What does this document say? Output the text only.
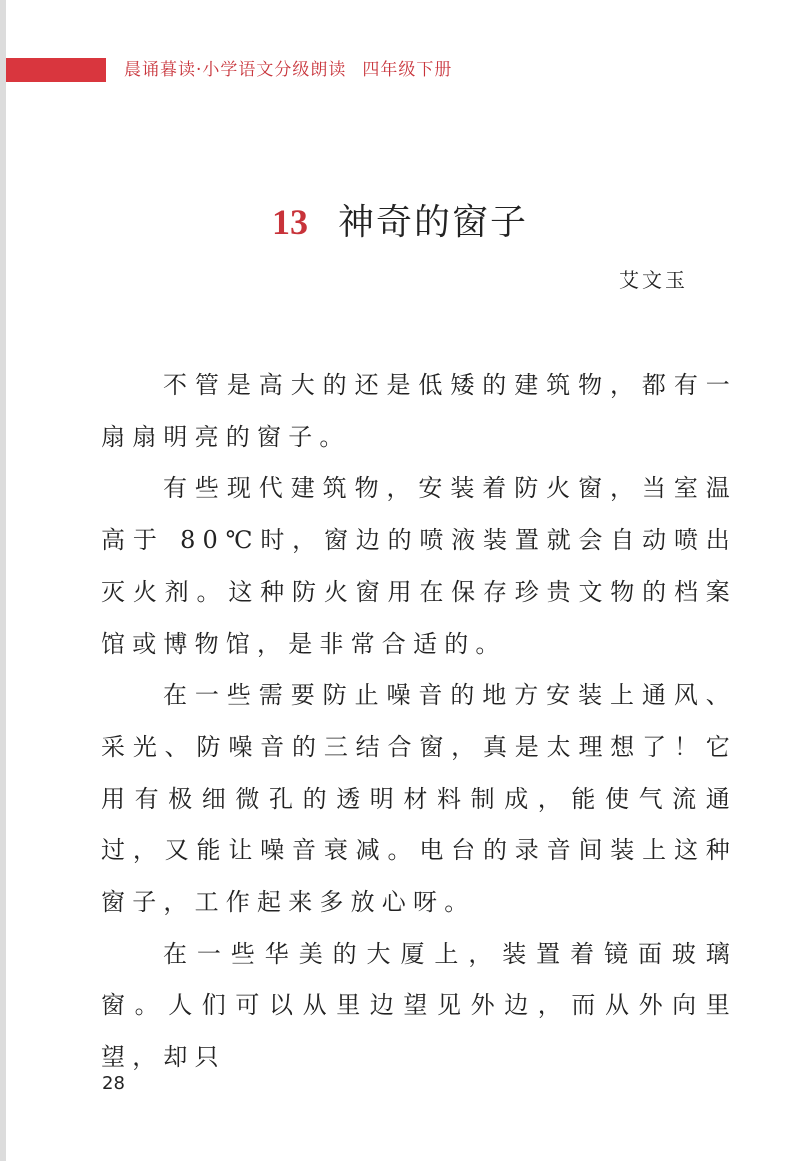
晨诵暮读·小学语文分级朗读 四年级下册
13 神奇的窗子
艾文玉

不管是高大的还是低矮的建筑物，都有一扇扇明亮的窗子。

有些现代建筑物，安装着防火窗，当室温高于 80℃时，窗边的喷液装置就会自动喷出灭火剂。这种防火窗用在保存珍贵文物的档案馆或博物馆，是非常合适的。

在一些需要防止噪音的地方安装上通风、采光、防噪音的三结合窗，真是太理想了！它用有极细微孔的透明材料制成，能使气流通过，又能让噪音衰减。电台的录音间装上这种窗子，工作起来多放心呀。

在一些华美的大厦上，装置着镜面玻璃窗。人们可以从里边望见外边，而从外向里望，却只

28
